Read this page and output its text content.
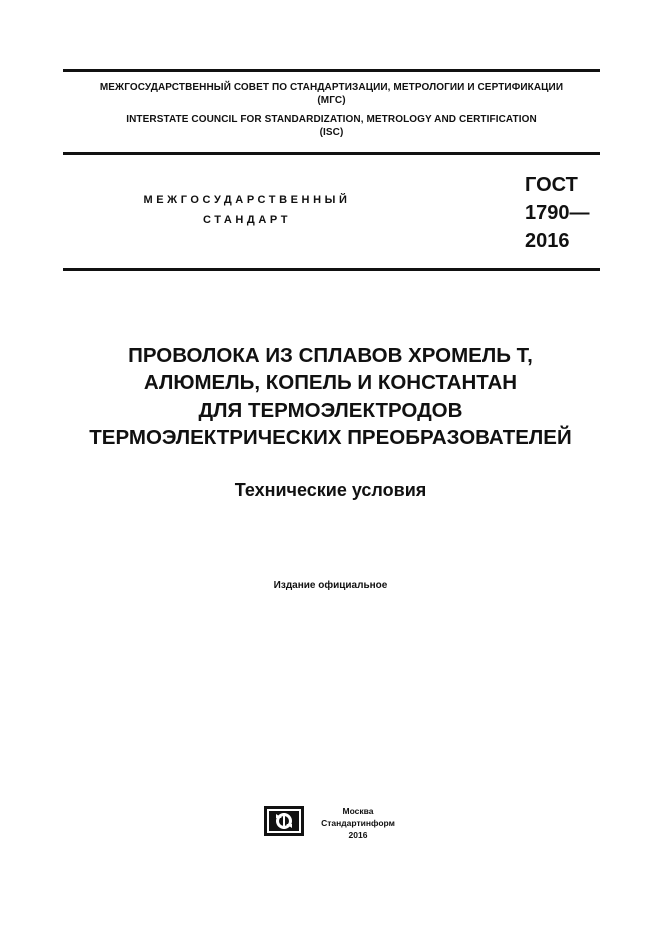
МЕЖГОСУДАРСТВЕННЫЙ СОВЕТ ПО СТАНДАРТИЗАЦИИ, МЕТРОЛОГИИ И СЕРТИФИКАЦИИ
(МГС)
INTERSTATE COUNCIL FOR STANDARDIZATION, METROLOGY AND CERTIFICATION
(ISC)
МЕЖГОСУДАРСТВЕННЫЙ
СТАНДАРТ
ГОСТ
1790—
2016
ПРОВОЛОКА ИЗ СПЛАВОВ ХРОМЕЛЬ Т,
АЛЮМЕЛЬ, КОПЕЛЬ И КОНСТАНТАН
ДЛЯ ТЕРМОЭЛЕКТРОДОВ
ТЕРМОЭЛЕКТРИЧЕСКИХ ПРЕОБРАЗОВАТЕЛЕЙ
Технические условия
Издание официальное
Москва
Стандартинформ
2016
